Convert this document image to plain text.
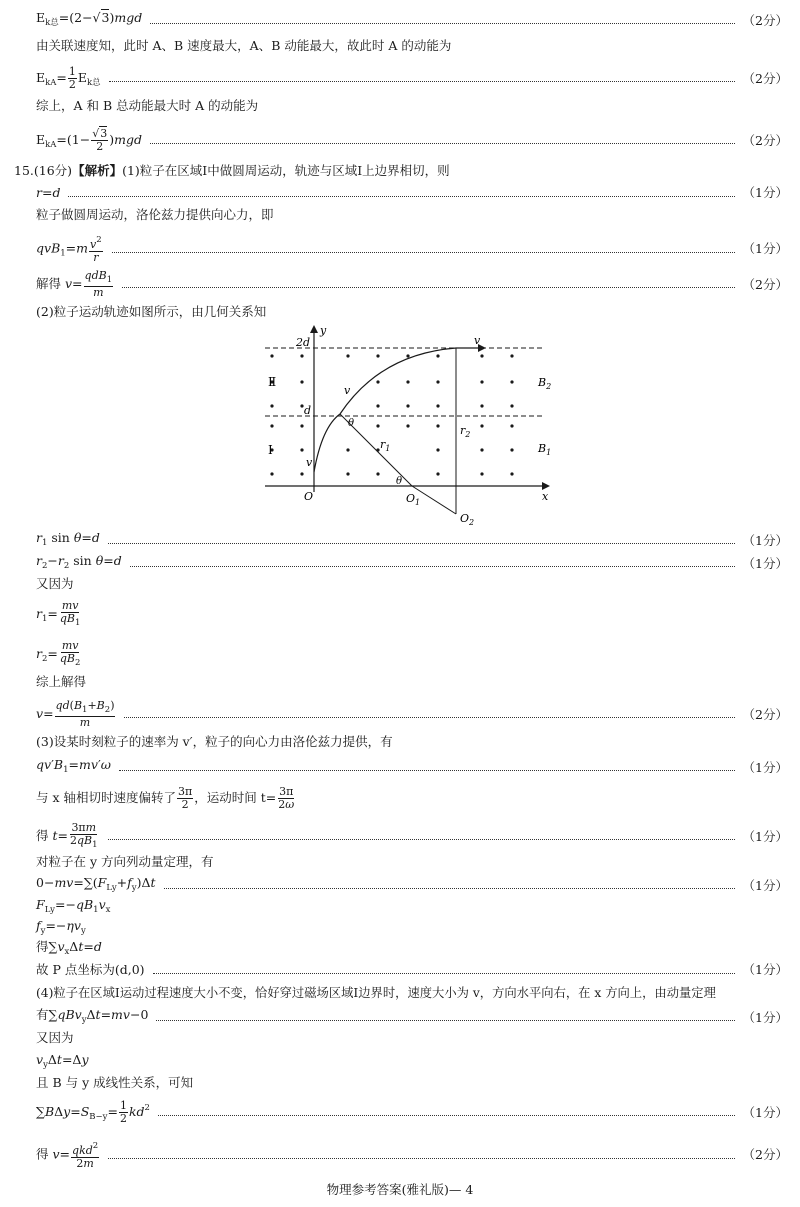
$E_{k总}=(2-√3)mgd$	（2分）
由关联速度知，此时 A、B 速度最大，A、B 动能最大，故此时 A 的动能为
$E_{kA}= \frac{1}{2} E_{k总}$	（2分）
综上，A 和 B 总动能最大时 A 的动能为
$E_{kA}=(1- \frac{√3}{2} )mgd$	（2分）
15.(16分)【解析】(1)粒子在区域Ⅰ中做圆周运动，轨迹与区域Ⅰ上边界相切，则
r=d	（1分）
粒子做圆周运动，洛伦兹力提供向心力，即
$qvB_1=m \frac{v^2}{r}$	（1分）
解得 $v= \frac{qdB_1}{m}$	（2分）
(2)粒子运动轨迹如图所示，由几何关系知
y
x
2d
d
O	$O_1$
$O_2$
Ⅱ
Ⅰ
$B_2$
$B_1$
v
v
v
$r_1$
$r_2$
θ
θ
$r_1$ sin θ=d	（1分）
$r_2-r_2$ sin θ=d	（1分）
又因为
$r_1= \frac{mv}{qB_1}$
$r_2= \frac{mv}{qB_2}$
综上解得
$v= \frac{qd(B_1+B_2)}{m}$	（2分）
(3)设某时刻粒子的速率为 v′，粒子的向心力由洛伦兹力提供，有
$qv'B_1=mv'\omega$	（1分）
与 x 轴相切时速度偏转了 $\frac{3\pi}{2}$ ，运动时间 $t= \frac{3\pi}{2\omega}$
得 $t= \frac{3\pi m}{2qB_1}$	（1分）
对粒子在 y 方向列动量定理，有
$0-mv=\sum(F_{Ly}+f_y)\Delta t$	（1分）
$F_{Ly}=-qB_1v_x$
$f_y=-\eta v_y$
得$\sum v_x\Delta t=d$
故 P 点坐标为(d,0)	（1分）
(4)粒子在区域Ⅰ运动过程速度大小不变，恰好穿过磁场区域Ⅰ边界时，速度大小为 v，方向水平向右，在 x 方向上，由动量定理
有∑qBv$_y$Δt=mv−0	（1分）
又因为
$v_y\Delta t=\Delta y$
且 B 与 y 成线性关系，可知
$\sum B\Delta y=S_{B-y}= \frac{1}{2} kd^2$	（1分）
得 $v= \frac{qkd^2}{2m}$	（2分）
物理参考答案(雅礼版)— 4
